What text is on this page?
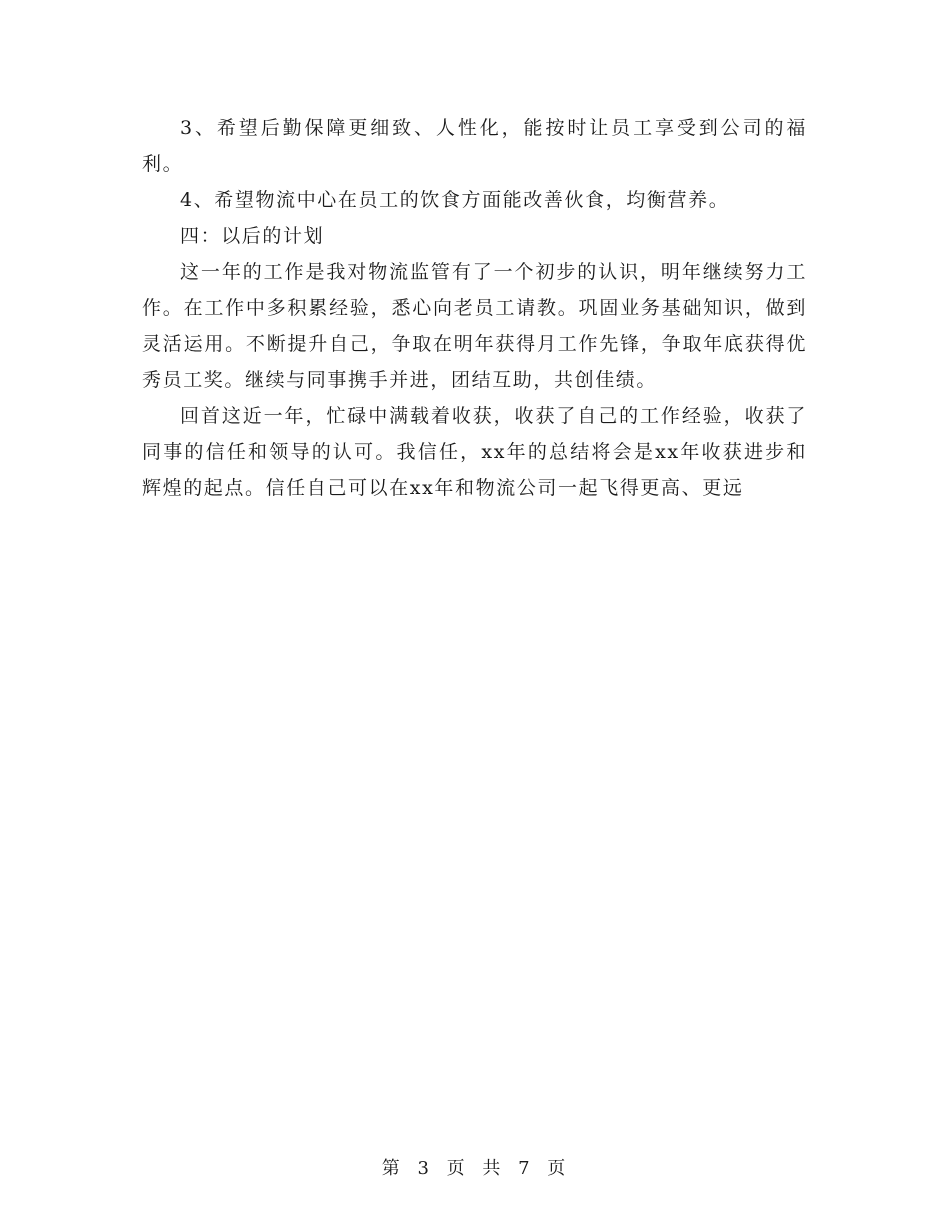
3、希望后勤保障更细致、人性化，能按时让员工享受到公司的福利。

4、希望物流中心在员工的饮食方面能改善伙食，均衡营养。

四：以后的计划

这一年的工作是我对物流监管有了一个初步的认识，明年继续努力工作。在工作中多积累经验，悉心向老员工请教。巩固业务基础知识，做到灵活运用。不断提升自己，争取在明年获得月工作先锋，争取年底获得优秀员工奖。继续与同事携手并进，团结互助，共创佳绩。

回首这近一年，忙碌中满载着收获，收获了自己的工作经验，收获了同事的信任和领导的认可。我信任，xx年的总结将会是xx年收获进步和辉煌的起点。信任自己可以在xx年和物流公司一起飞得更高、更远

第 3 页 共 7 页
